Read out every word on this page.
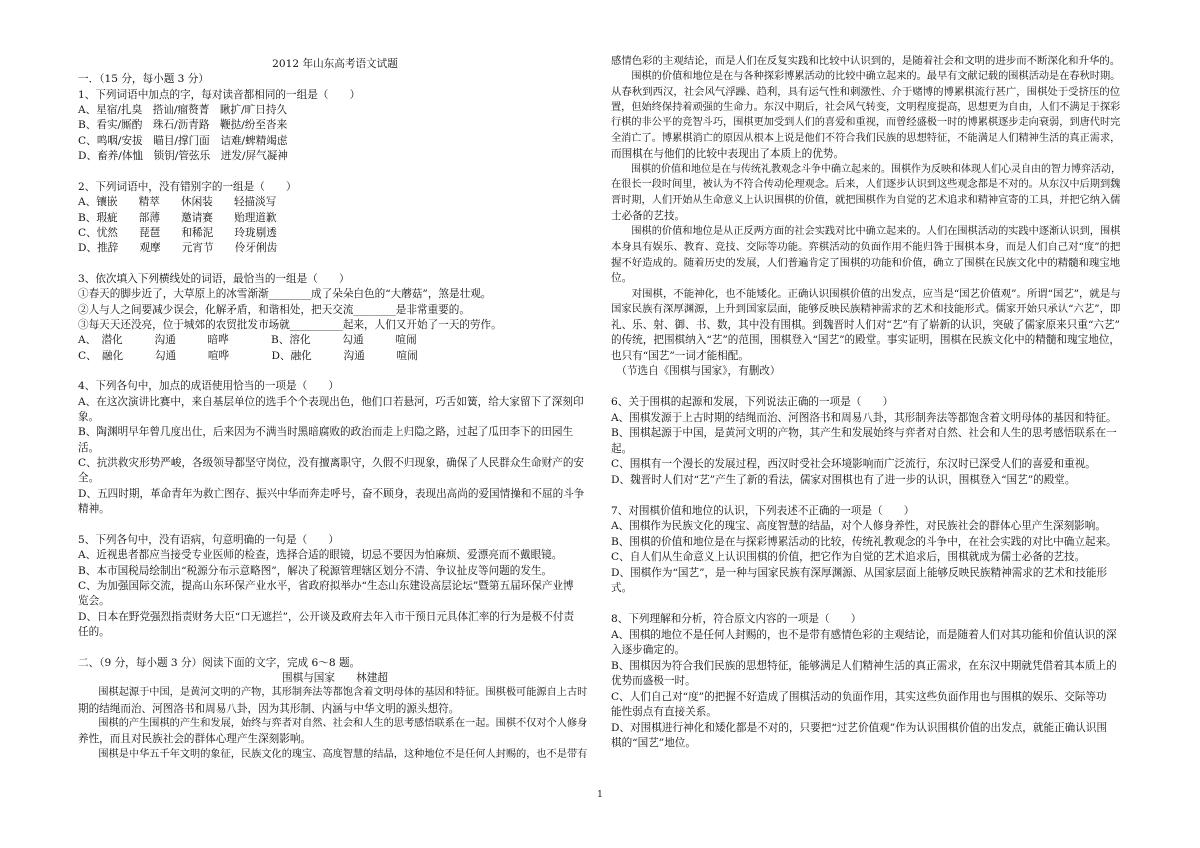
2012 年山东高考语文试题
一．（15 分，每小题 3 分）
1、下列词语中加点的字，每对读音都相同的一组是（　　）
A、星宿/扎臭　搭讪/瘤赘菁　瞅扩/旷日持久
B、看实/厮酌　珠石/沥青路　鞭挞/纷至沓来
C、鸣咽/安拔　瞄目/撑门面　诘难/蜱精竭虑
D、畜养/体恤　锁钥/管弦乐　迸发/屏气凝神
2、下列词语中，没有错别字的一组是（　　）
A、镶嵌　　精萃　　休闲装　　轻描淡写
B、瑕疵　　部薄　　邀请赛　　贻理道歉
C、忧然　　琵琶　　和稀泥　　玲珑剔透
D、推辞　　观摩　　元宵节　　伶牙俐齿
3、依次填入下列横线处的词语，最恰当的一组是（　　）
①春天的脚步近了，大草原上的冰雪渐渐________成了朵朵白色的“大蘑菇”，煞是壮观。
②人与人之间要减少误会，化解矛盾，和谐相处，把天交流________是非常重要的。
③每天天还没亮，位于城郊的农贸批发市场就__________起来，人们又开始了一天的劳作。
A、　潜化　　　沟通　　　暗哗　　　　B、溶化　　　勾通　　　喧闹
C、　融化　　　勾通　　　喧哗　　　　D、融化　　　沟通　　　喧闹
4、下列各句中，加点的成语使用恰当的一项是（　　）
A、在这次演讲比赛中，来自基层单位的选手个个表现出色，他们口若悬河，巧舌如簧，给大家留下了深刻印
象。
B、陶渊明早年曾几度出仕，后来因为不满当时黑暗腐败的政治而走上归隐之路，过起了瓜田李下的田园生
活。
C、抗洪救灾形势严峻，各级领导都坚守岗位，没有擅离职守，久假不归现象，确保了人民群众生命财产的安
全。
D、五四时期，革命青年为救亡图存、振兴中华而奔走呼号，奋不顾身，表现出高尚的爱国情操和不屈的斗争
精神。
5、下列各句中，没有语病，句意明确的一句是（　　）
A、近视患者都应当接受专业医师的检查，选择合适的眼镜，切忌不要因为怕麻烦、爱漂亮而不戴眼镜。
B、本市国税局绘制出“税源分布示意略图”，解决了税源管理辖区划分不清、争议扯皮等问题的发生。
C、为加强国际交流，提高山东环保产业水平，省政府拟举办“生态山东建设高层论坛”暨第五届环保产业博
览会。
D、日本在野党强烈指责财务大臣“口无遮拦”，公开谈及政府去年入市干预日元具体汇率的行为是极不付责
任的。
二、（9 分，每小题 3 分）阅读下面的文字，完成 6～8 题。
围棋与国家　　林建超
　　围棋起源于中国，是黄河文明的产物，其形制奔法等都饱含着文明母体的基因和特征。围棋极可能源自上古时
期的结绳而治、河图洛书和周易八卦，因为其形制、内涵与中华文明的源头想符。
　　围棋的产生围棋的产生和发展，始终与弈者对自然、社会和人生的思考感悟联系在一起。围棋不仅对个人修身
养性，而且对民族社会的群体心理产生深刻影响。
　　围棋是中华五千年文明的象征，民族文化的瑰宝、高度智慧的结晶，这种地位不是任何人封赐的，也不是带有
感情色彩的主观结论，而是人们在反复实践和比较中认识到的，是随着社会和文明的进步而不断深化和升华的。
　　围棋的价值和地位是在与各种探彩博累活动的比较中确立起来的。最早有文献记载的围棋活动是在春秋时期。
从春秋到西汉，社会风气浮躁、趋利，具有运气性和刺激性、介于赌博的博累棋流行甚广，围棋处于受挤压的位
置，但始终保持着顽强的生命力。东汉中期后，社会风气转变，文明程度提高，思想更为自由，人们不满足于探彩
行棋的非公平的竞智斗巧，围棋更加受到人们的喜爱和重视，而曾经盛极一时的博累棋逐步走向衰弱，到唐代时完
全消亡了。博累棋消亡的原因从根本上说是他们不符合我们民族的思想特征，不能满足人们精神生活的真正需求，
而围棋在与他们的比较中表现出了本质上的优势。
　　围棋的价值和地位是在与传统礼教观念斗争中确立起来的。围棋作为反映和体现人们心灵自由的智力博弈活动，
在很长一段时间里，被认为不符合传动伦理观念。后来，人们逐步认识到这些观念都是不对的。从东汉中后期到魏
晋时期，人们开始从生命意义上认识围棋的价值，就把围棋作为自觉的艺术追求和精神宣寄的工具，并把它纳入儒
士必备的艺技。
　　围棋的价值和地位是从正反两方面的社会实践对比中确立起来的。人们在围棋活动的实践中逐渐认识到，围棋
本身具有娱乐、教育、竞技、交际等功能。弈棋活动的负面作用不能归咎于围棋本身，而是人们自己对“度”的把
握不好造成的。随着历史的发展，人们普遍肯定了围棋的功能和价值，确立了围棋在民族文化中的精髓和瑰宝地
位。
　　对围棋，不能神化，也不能矮化。正确认识围棋价值的出发点，应当是“国艺价值观”。所谓“国艺”，就是与
国家民族有深厚渊源，上升到国家层面，能够反映民族精神需求的艺术和技能形式。儒家开始只承认“六艺”，即
礼、乐、射、御、书、数，其中没有围棋。到魏晋时人们对“艺”有了崭新的认识，突破了儒家原来只重“六艺”
的传统，把围棋纳入“艺”的范围，围棋登入“国艺”的殿堂。事实证明，围棋在民族文化中的精髓和瑰宝地位，
也只有“国艺”一词才能相配。
　（节选自《围棋与国家》，有删改）
6、关于围棋的起源和发展，下列说法正确的一项是（　　）
A、围棋发源于上古时期的结绳而治、河图洛书和周易八卦，其形制奔法等都饱含着文明母体的基因和特征。
B、围棋起源于中国，是黄河文明的产物，其产生和发展始终与弈者对自然、社会和人生的思考感悟联系在一
起。
C、围棋有一个漫长的发展过程，西汉时受社会环境影响而广泛流行，东汉时已深受人们的喜爱和重视。
D、魏晋时人们对“艺”产生了新的看法，儒家对围棋也有了进一步的认识，围棋登入“国艺”的殿堂。
7、对围棋价值和地位的认识，下列表述不正确的一项是（　　）
A、围棋作为民族文化的瑰宝、高度智慧的结晶，对个人修身养性，对民族社会的群体心里产生深刻影响。
B、围棋的价值和地位是在与探彩博累活动的比较，传统礼教观念的斗争中，在社会实践的对比中确立起来。
C、自人们从生命意义上认识围棋的价值，把它作为自觉的艺术追求后，围棋就成为儒士必备的艺技。
D、围棋作为“国艺”，是一种与国家民族有深厚渊源、从国家层面上能够反映民族精神需求的艺术和技能形
式。
8、下列理解和分析，符合原文内容的一项是（　　）
A、围棋的地位不是任何人封赐的，也不是带有感情色彩的主观结论，而是随着人们对其功能和价值认识的深
入逐步确定的。
B、围棋因为符合我们民族的思想特征，能够满足人们精神生活的真正需求，在东汉中期就凭借着其本质上的
优势而盛极一时。
C、人们自己对“度”的把握不好造成了围棋活动的负面作用，其实这些负面作用也与围棋的娱乐、交际等功
能性弱点有直接关系。
D、对围棋进行神化和矮化都是不对的，只要把“过艺价值观”作为认识围棋价值的出发点，就能正确认识围
棋的“国艺”地位。
1
